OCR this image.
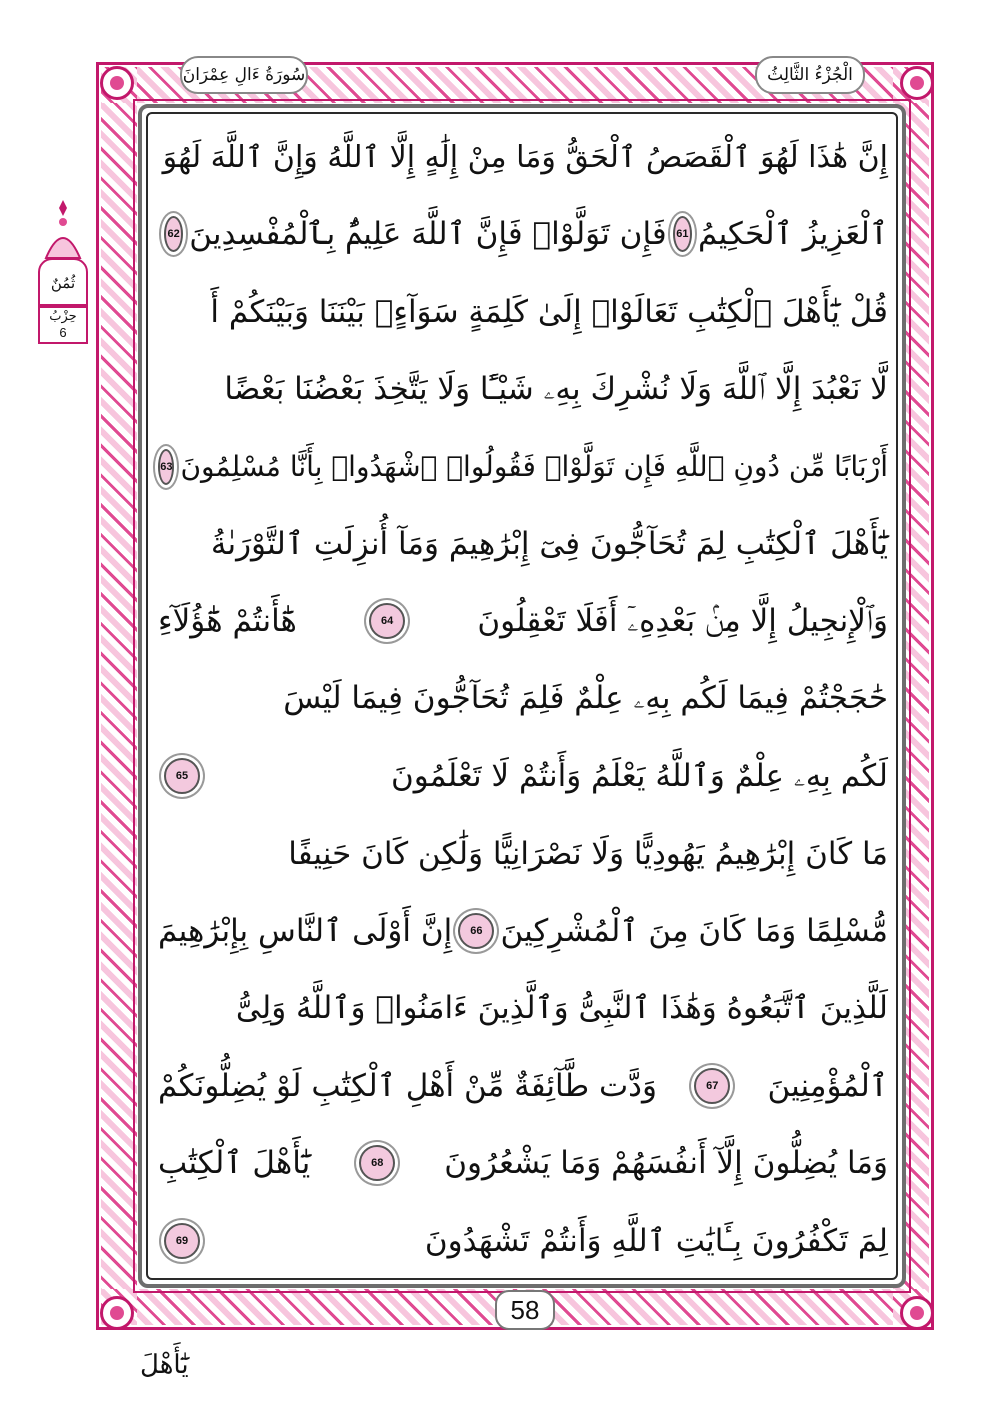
الْجُزْءُ الثَّالِثُ
سُورَةُ ءَالِ عِمْرَانَ
ثُمُنٌ
حِزْبُ
6
إِنَّ هَٰذَا لَهُوَ ٱلْقَصَصُ ٱلْحَقُّ وَمَا مِنْ إِلَٰهٍ إِلَّا ٱللَّهُ وَإِنَّ ٱللَّهَ لَهُوَ
ٱلْعَزِيزُ ٱلْحَكِيمُ
61
فَإِن تَوَلَّوْا۟ فَإِنَّ ٱللَّهَ عَلِيمٌۢ بِٱلْمُفْسِدِينَ
62
قُلْ يَٰٓأَهْلَ ٱلْكِتَٰبِ تَعَالَوْا۟ إِلَىٰ كَلِمَةٍ سَوَآءٍۭ بَيْنَنَا وَبَيْنَكُمْ أَ
لَّا نَعْبُدَ إِلَّا ٱللَّهَ وَلَا نُشْرِكَ بِهِۦ شَيْـًٔا وَلَا يَتَّخِذَ بَعْضُنَا بَعْضًا
أَرْبَابًا مِّن دُونِ ٱللَّهِ فَإِن تَوَلَّوْا۟ فَقُولُوا۟ ٱشْهَدُوا۟ بِأَنَّا مُسْلِمُونَ
63
يَٰٓأَهْلَ ٱلْكِتَٰبِ لِمَ تُحَآجُّونَ فِىٓ إِبْرَٰهِيمَ وَمَآ أُنزِلَتِ ٱلتَّوْرَىٰةُ
وَٱلْإِنجِيلُ إِلَّا مِنۢ بَعْدِهِۦٓ أَفَلَا تَعْقِلُونَ
64
هَٰٓأَنتُمْ هَٰٓؤُلَآءِ
حَٰجَجْتُمْ فِيمَا لَكُم بِهِۦ عِلْمٌ فَلِمَ تُحَآجُّونَ فِيمَا لَيْسَ
لَكُم بِهِۦ عِلْمٌ وَٱللَّهُ يَعْلَمُ وَأَنتُمْ لَا تَعْلَمُونَ
65
مَا كَانَ إِبْرَٰهِيمُ يَهُودِيًّا وَلَا نَصْرَانِيًّا وَلَٰكِن كَانَ حَنِيفًا
مُّسْلِمًا وَمَا كَانَ مِنَ ٱلْمُشْرِكِينَ
66
إِنَّ أَوْلَى ٱلنَّاسِ بِإِبْرَٰهِيمَ
لَلَّذِينَ ٱتَّبَعُوهُ وَهَٰذَا ٱلنَّبِىُّ وَٱلَّذِينَ ءَامَنُوا۟ وَٱللَّهُ وَلِىُّ
ٱلْمُؤْمِنِينَ
67
وَدَّت طَّآئِفَةٌ مِّنْ أَهْلِ ٱلْكِتَٰبِ لَوْ يُضِلُّونَكُمْ
وَمَا يُضِلُّونَ إِلَّآ أَنفُسَهُمْ وَمَا يَشْعُرُونَ
68
يَٰٓأَهْلَ ٱلْكِتَٰبِ
لِمَ تَكْفُرُونَ بِـَٔايَٰتِ ٱللَّهِ وَأَنتُمْ تَشْهَدُونَ
69
58
يَٰٓأَهْلَ
